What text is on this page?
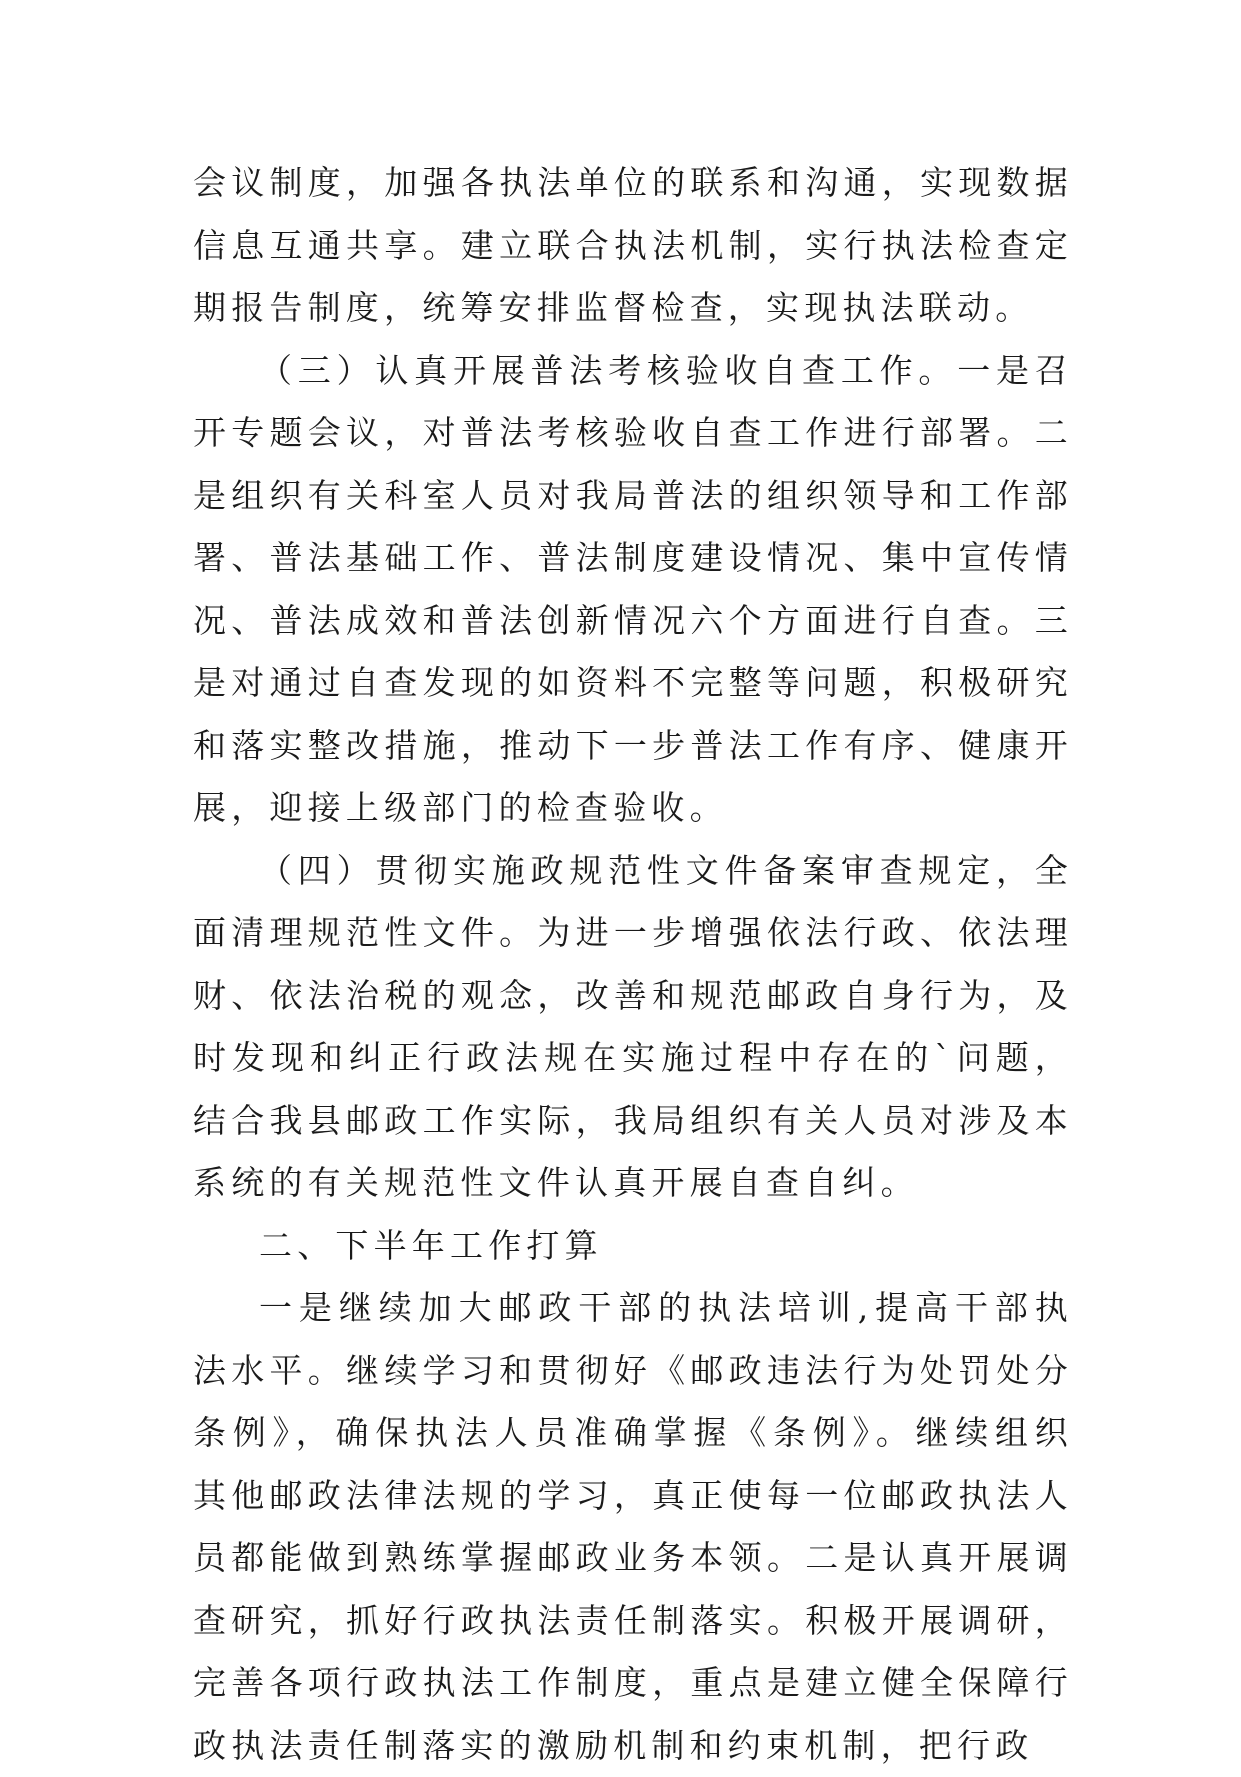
会议制度，加强各执法单位的联系和沟通，实现数据信息互通共享。建立联合执法机制，实行执法检查定期报告制度，统筹安排监督检查，实现执法联动。

（三）认真开展普法考核验收自查工作。一是召开专题会议，对普法考核验收自查工作进行部署。二是组织有关科室人员对我局普法的组织领导和工作部署、普法基础工作、普法制度建设情况、集中宣传情况、普法成效和普法创新情况六个方面进行自查。三是对通过自查发现的如资料不完整等问题，积极研究和落实整改措施，推动下一步普法工作有序、健康开展，迎接上级部门的检查验收。

（四）贯彻实施政规范性文件备案审查规定，全面清理规范性文件。为进一步增强依法行政、依法理财、依法治税的观念，改善和规范邮政自身行为，及时发现和纠正行政法规在实施过程中存在的`问题，结合我县邮政工作实际，我局组织有关人员对涉及本系统的有关规范性文件认真开展自查自纠。

二、下半年工作打算

一是继续加大邮政干部的执法培训,提高干部执法水平。继续学习和贯彻好《邮政违法行为处罚处分条例》，确保执法人员准确掌握《条例》。继续组织其他邮政法律法规的学习，真正使每一位邮政执法人员都能做到熟练掌握邮政业务本领。二是认真开展调查研究，抓好行政执法责任制落实。积极开展调研，完善各项行政执法工作制度，重点是建立健全保障行政执法责任制落实的激励机制和约束机制，把行政
